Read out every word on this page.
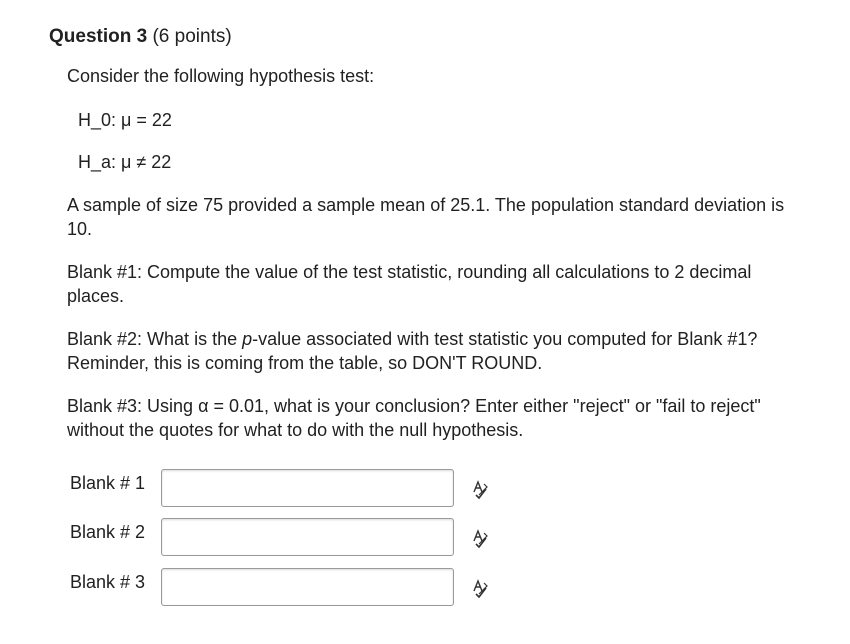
Question 3 (6 points)
Consider the following hypothesis test:
H_0: μ = 22
H_a: μ ≠ 22
A sample of size 75 provided a sample mean of 25.1. The population standard deviation is 10.
Blank #1: Compute the value of the test statistic, rounding all calculations to 2 decimal places.
Blank #2: What is the p-value associated with test statistic you computed for Blank #1? Reminder, this is coming from the table, so DON'T ROUND.
Blank #3: Using α = 0.01, what is your conclusion? Enter either "reject" or "fail to reject" without the quotes for what to do with the null hypothesis.
Blank # 1
Blank # 2
Blank # 3
